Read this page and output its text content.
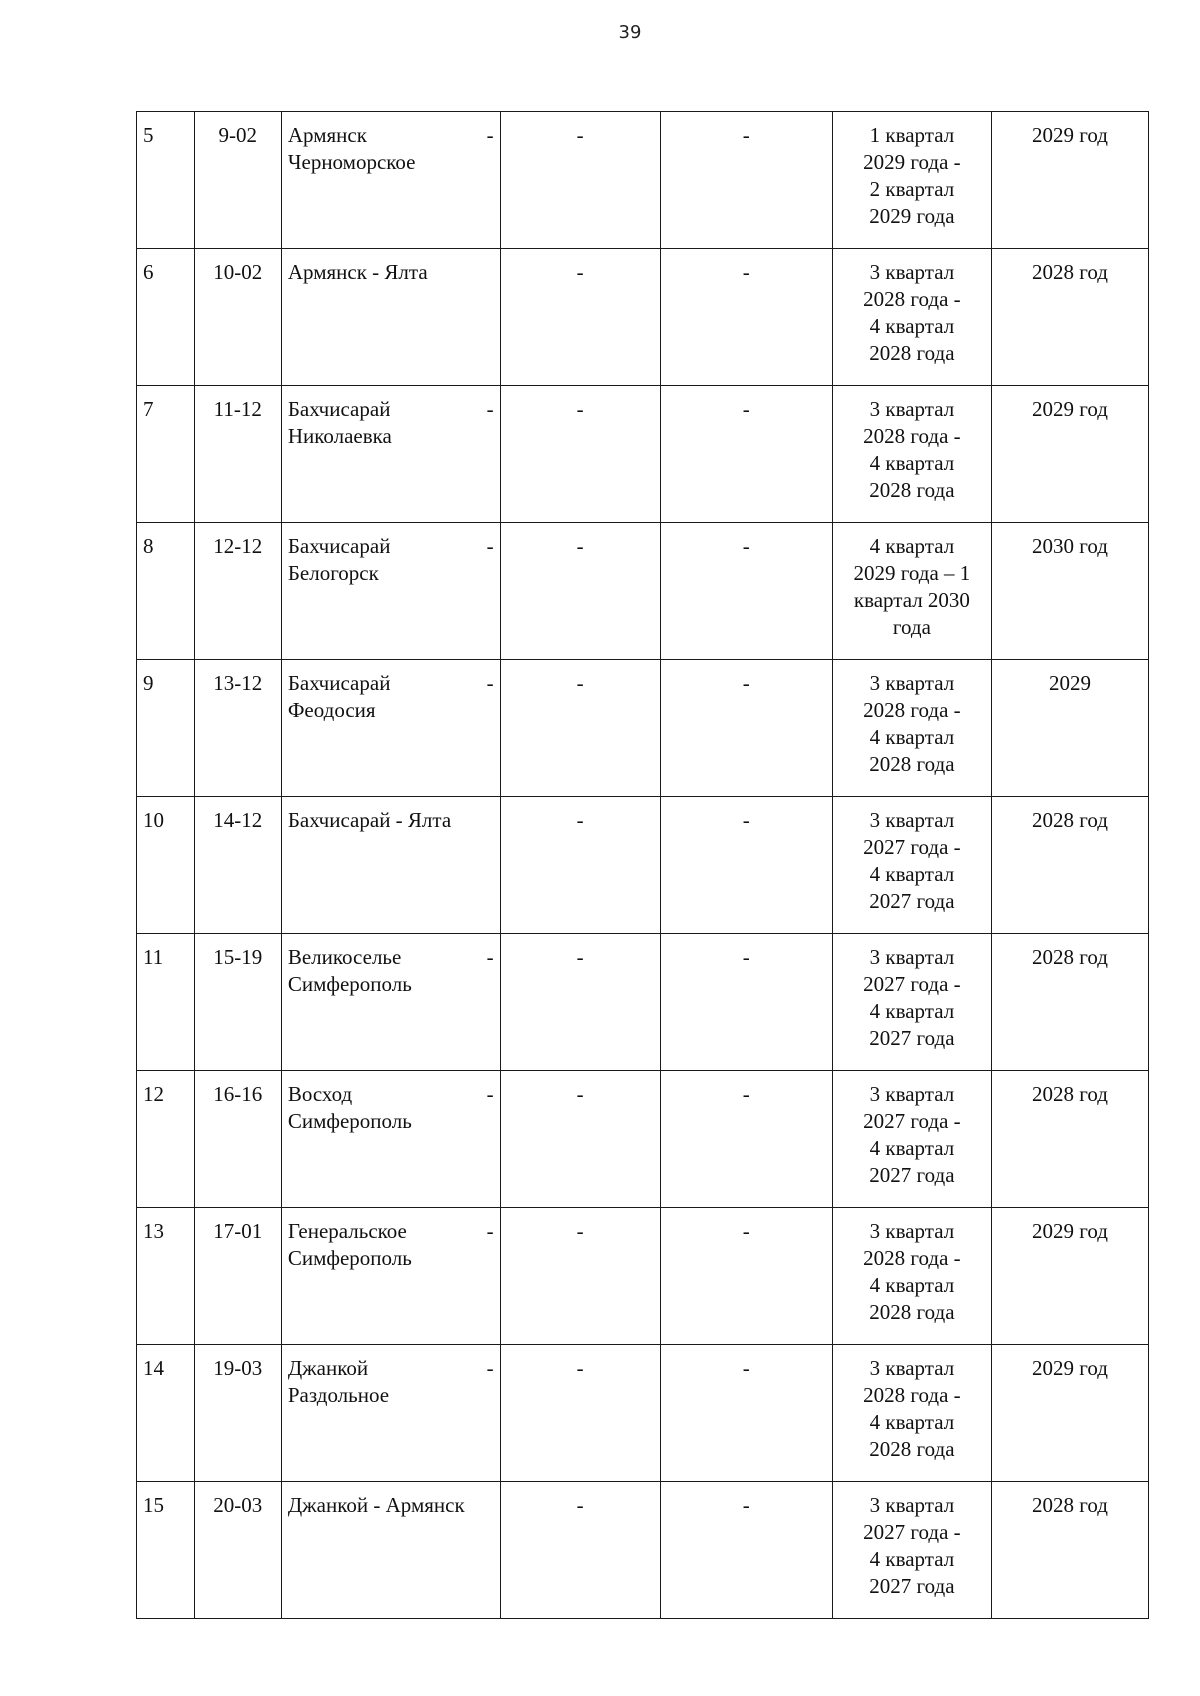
39
5	9-02	Армянск -
Черноморское	-	-	1 квартал
2029 года -
2 квартал
2029 года	2029 год
6	10-02	Армянск - Ялта	-	-	3 квартал
2028 года -
4 квартал
2028 года	2028 год
7	11-12	Бахчисарай -
Николаевка	-	-	3 квартал
2028 года -
4 квартал
2028 года	2029 год
8	12-12	Бахчисарай -
Белогорск	-	-	4 квартал
2029 года – 1
квартал 2030
года	2030 год
9	13-12	Бахчисарай -
Феодосия	-	-	3 квартал
2028 года -
4 квартал
2028 года	2029
10	14-12	Бахчисарай - Ялта	-	-	3 квартал
2027 года -
4 квартал
2027 года	2028 год
11	15-19	Великоселье -
Симферополь	-	-	3 квартал
2027 года -
4 квартал
2027 года	2028 год
12	16-16	Восход -
Симферополь	-	-	3 квартал
2027 года -
4 квартал
2027 года	2028 год
13	17-01	Генеральское -
Симферополь	-	-	3 квартал
2028 года -
4 квартал
2028 года	2029 год
14	19-03	Джанкой -
Раздольное	-	-	3 квартал
2028 года -
4 квартал
2028 года	2029 год
15	20-03	Джанкой - Армянск	-	-	3 квартал
2027 года -
4 квартал
2027 года	2028 год
